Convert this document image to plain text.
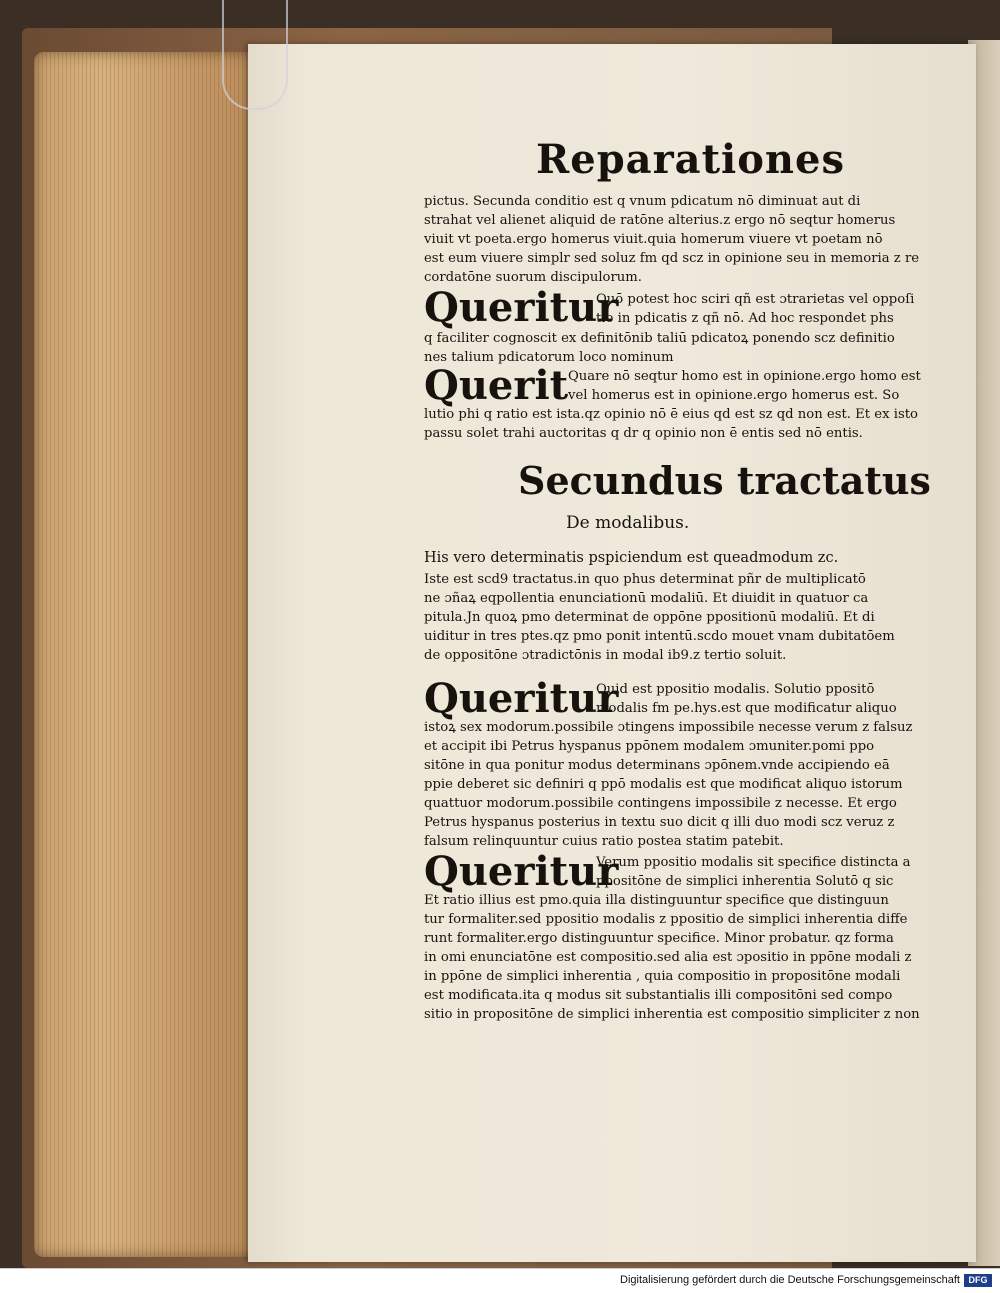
Reparationes
pictus. Secunda conditio est q vnum pdicatum nō diminuat aut di
strahat vel alienet aliquid de ratōne alterius.z ergo nō seqtur homerus
viuit vt poeta.ergo homerus viuit.quia homerum viuere vt poetam nō
est eum viuere simplr sed soluz fm qd scz in opinione seu in memoria z re
cordatōne suorum discipulorum.
Queritur
Quō potest hoc sciri qñ est ɔtrarietas vel oppoſi
tio in pdicatis z qñ nō. Ad hoc respondet phs
q faciliter cognoscit ex definitōnib taliū pdicatoꝝ ponendo scz definitio
nes talium pdicatorum loco nominum
Querit Quare nō seqtur homo est in opinione.ergo homo est
vel homerus est in opinione.ergo homerus est. So
lutio phi q ratio est ista.qz opinio nō ē eius qd est sz qd non est. Et ex isto
passu solet trahi auctoritas q dr q opinio non ē entis sed nō entis.
Secundus tractatus
De modalibus.
His vero determinatis pspiciendum est queadmodum zc.
Iste est scd9 tractatus.in quo phus determinat pñr de multiplicatō
ne ɔñaꝝ eqpollentia enunciationū modaliū. Et diuidit in quatuor ca
pitula.Jn quoꝝ pmo determinat de oppōne ppositionū modaliū. Et di
uiditur in tres ptes.qz pmo ponit intentū.scdo mouet vnam dubitatōem
de oppositōne ɔtradictōnis in modal ib9.z tertio soluit.
Queritur
Quid est ppositio modalis. Solutio ppositō
modalis fm pe.hys.est que modificatur aliquo
istoꝝ sex modorum.possibile ɔtingens impossibile necesse verum z falsuz
et accipit ibi Petrus hyspanus ppōnem modalem ɔmuniter.pomi ppo
sitōne in qua ponitur modus determinans ɔpōnem.vnde accipiendo eā
ppie deberet sic definiri q ppō modalis est que modificat aliquo istorum
quattuor modorum.possibile contingens impossibile z necesse. Et ergo
Petrus hyspanus posterius in textu suo dicit q illi duo modi scz veruz z
falsum relinquuntur cuius ratio postea statim patebit.
Queritur
Verum ppositio modalis sit specifice distincta a
ppositōne de simplici inherentia Solutō q sic
Et ratio illius est pmo.quia illa distinguuntur specifice que distinguun
tur formaliter.sed ppositio modalis z ppositio de simplici inherentia diffe
runt formaliter.ergo distinguuntur specifice. Minor probatur. qz forma
in omi enunciatōne est compositio.sed alia est ɔpositio in ppōne modali z
in ppōne de simplici inherentia , quia compositio in propositōne modali
est modificata.ita q modus sit substantialis illi compositōni sed compo
sitio in propositōne de simplici inherentia est compositio simpliciter z non
Digitalisierung gefördert durch die Deutsche Forschungsgemeinschaft DFG
